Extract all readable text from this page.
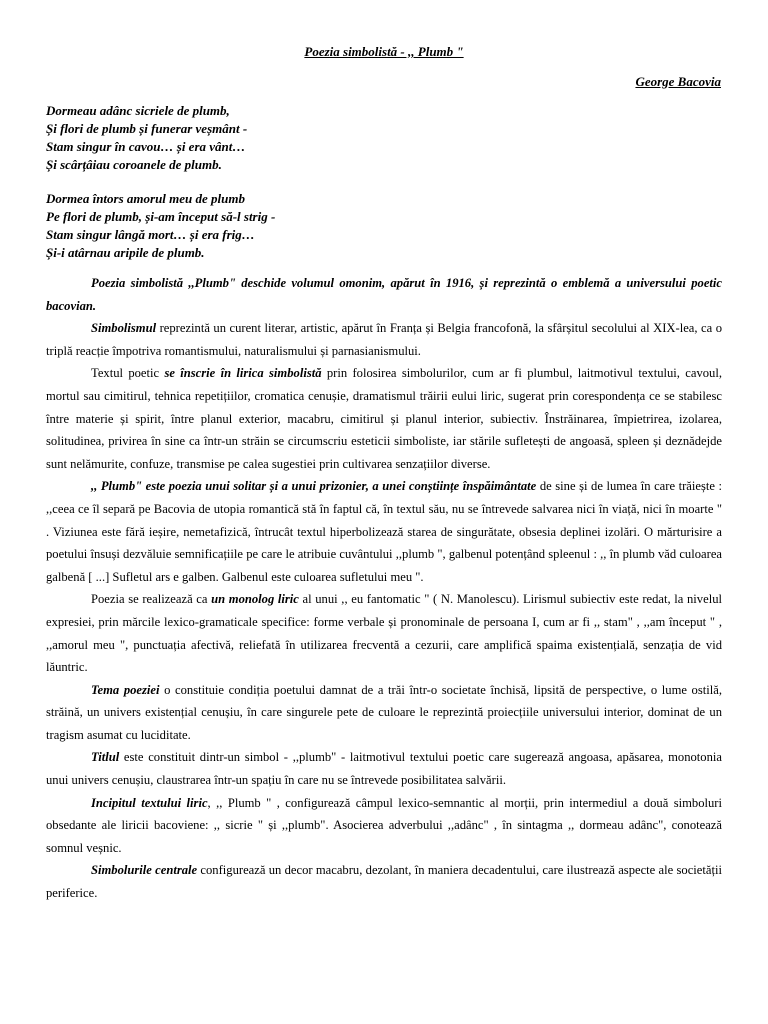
Poezia simbolistă - ,, Plumb "
George Bacovia
Dormeau adânc sicriele de plumb,
Și flori de plumb și funerar veșmânt -
Stam singur în cavou… și era vânt…
Și scârțâiau coroanele de plumb.
Dormea întors amorul meu de plumb
Pe flori de plumb, și-am început să-l strig -
Stam singur lângă mort… și era frig…
Și-i atârnau aripile de plumb.

Poezia simbolistă ,,Plumb" deschide volumul omonim, apărut în 1916, și reprezintă o emblemă a universului poetic bacovian.

Simbolismul reprezintă un curent literar, artistic, apărut în Franța și Belgia francofonă, la sfârșitul secolului al XIX-lea, ca o triplă reacție împotriva romantismului, naturalismului și parnasianismului.

Textul poetic se înscrie în lirica simbolistă prin folosirea simbolurilor, cum ar fi plumbul, laitmotivul textului, cavoul, mortul sau cimitirul, tehnica repetițiilor, cromatica cenușie, dramatismul trăirii eului liric, sugerat prin corespondența ce se stabilesc între materie și spirit, între planul exterior, macabru, cimitirul și planul interior, subiectiv. Înstrăinarea, împietrirea, izolarea, solitudinea, privirea în sine ca într-un străin se circumscriu esteticii simboliste, iar stările sufletești de angoasă, spleen și deznădejde sunt nelămurite, confuze, transmise pe calea sugestiei prin cultivarea senzațiilor diverse.

,, Plumb" este poezia unui solitar și a unui prizonier, a unei conștiințe înspăimântate de sine și de lumea în care trăiește : ,,ceea ce îl separă pe Bacovia de utopia romantică stă în faptul că, în textul său, nu se întrevede salvarea nici în viață, nici în moarte " . Viziunea este fără ieșire, nemetafizică, întrucât textul hiperbolizează starea de singurătate, obsesia deplinei izolări. O mărturisire a poetului însuși dezvăluie semnificațiile pe care le atribuie cuvântului ,,plumb ", galbenul potențând spleenul : ,, în plumb văd culoarea galbenă [ ...] Sufletul ars e galben. Galbenul este culoarea sufletului meu ".

Poezia se realizează ca un monolog liric al unui ,, eu fantomatic " ( N. Manolescu). Lirismul subiectiv este redat, la nivelul expresiei, prin mărcile lexico-gramaticale specifice: forme verbale și pronominale de persoana I, cum ar fi ,, stam" , ,,am început " , ,,amorul meu ", punctuația afectivă, reliefată în utilizarea frecventă a cezurii, care amplifică spaima existențială, senzația de vid lăuntric.

Tema poeziei o constituie condiția poetului damnat de a trăi într-o societate închisă, lipsită de perspective, o lume ostilă, străină, un univers existențial cenușiu, în care singurele pete de culoare le reprezintă proiecțiile universului interior, dominat de un tragism asumat cu luciditate.

Titlul este constituit dintr-un simbol - ,,plumb" - laitmotivul textului poetic care sugerează angoasa, apăsarea, monotonia unui univers cenușiu, claustrarea într-un spațiu în care nu se întrevede posibilitatea salvării.

Incipitul textului liric, ,, Plumb " , configurează câmpul lexico-semnantic al morții, prin intermediul a două simboluri obsedante ale liricii bacoviene: ,, sicrie " și ,,plumb". Asocierea adverbului ,,adânc" , în sintagma ,, dormeau adânc", conotează somnul veșnic.

Simbolurile centrale configurează un decor macabru, dezolant, în maniera decadentului, care ilustrează aspecte ale societății periferice.
